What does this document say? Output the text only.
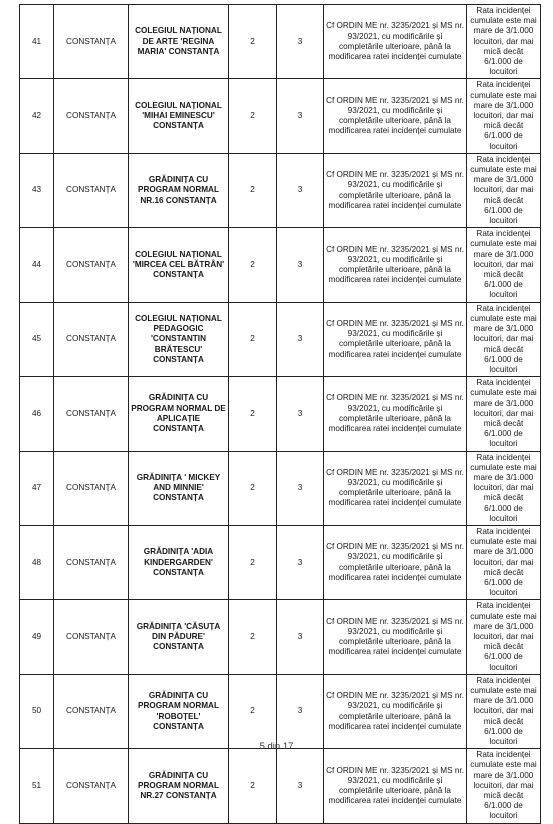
41	CONSTANȚA	COLEGIUL NAȚIONAL DE ARTE 'REGINA MARIA' CONSTANȚA	2	3	Cf ORDIN ME nr. 3235/2021 și MS nr. 93/2021, cu modificările și completările ulterioare, până la modificarea ratei incidenței cumulate	Rata incidenței cumulate este mai mare de 3/1.000 locuitori, dar mai mică decât 6/1.000 de locuitori
42	CONSTANȚA	COLEGIUL NAȚIONAL 'MIHAI EMINESCU' CONSTANȚA	2	3	Cf ORDIN ME nr. 3235/2021 și MS nr. 93/2021, cu modificările și completările ulterioare, până la modificarea ratei incidenței cumulate	Rata incidenței cumulate este mai mare de 3/1.000 locuitori, dar mai mică decât 6/1.000 de locuitori
43	CONSTANȚA	GRĂDINIȚA CU PROGRAM NORMAL NR.16 CONSTANȚA	2	3	Cf ORDIN ME nr. 3235/2021 și MS nr. 93/2021, cu modificările și completările ulterioare, până la modificarea ratei incidenței cumulate	Rata incidenței cumulate este mai mare de 3/1.000 locuitori, dar mai mică decât 6/1.000 de locuitori
44	CONSTANȚA	COLEGIUL NAȚIONAL 'MIRCEA CEL BĂTRÂN' CONSTANȚA	2	3	Cf ORDIN ME nr. 3235/2021 și MS nr. 93/2021, cu modificările și completările ulterioare, până la modificarea ratei incidenței cumulate	Rata incidenței cumulate este mai mare de 3/1.000 locuitori, dar mai mică decât 6/1.000 de locuitori
45	CONSTANȚA	COLEGIUL NAȚIONAL PEDAGOGIC 'CONSTANTIN BRĂTESCU' CONSTANȚA	2	3	Cf ORDIN ME nr. 3235/2021 și MS nr. 93/2021, cu modificările și completările ulterioare, până la modificarea ratei incidenței cumulate	Rata incidenței cumulate este mai mare de 3/1.000 locuitori, dar mai mică decât 6/1.000 de locuitori
46	CONSTANȚA	GRĂDINIȚA CU PROGRAM NORMAL DE APLICAȚIE CONSTANȚA	2	3	Cf ORDIN ME nr. 3235/2021 și MS nr. 93/2021, cu modificările și completările ulterioare, până la modificarea ratei incidenței cumulate	Rata incidenței cumulate este mai mare de 3/1.000 locuitori, dar mai mică decât 6/1.000 de locuitori
47	CONSTANȚA	GRĂDINIȚA ' MICKEY AND MINNIE' CONSTANȚA	2	3	Cf ORDIN ME nr. 3235/2021 și MS nr. 93/2021, cu modificările și completările ulterioare, până la modificarea ratei incidenței cumulate	Rata incidenței cumulate este mai mare de 3/1.000 locuitori, dar mai mică decât 6/1.000 de locuitori
48	CONSTANȚA	GRĂDINIȚA 'ADIA KINDERGARDEN' CONSTANȚA	2	3	Cf ORDIN ME nr. 3235/2021 și MS nr. 93/2021, cu modificările și completările ulterioare, până la modificarea ratei incidenței cumulate	Rata incidenței cumulate este mai mare de 3/1.000 locuitori, dar mai mică decât 6/1.000 de locuitori
49	CONSTANȚA	GRĂDINIȚA 'CĂSUȚA DIN PĂDURE' CONSTANȚA	2	3	Cf ORDIN ME nr. 3235/2021 și MS nr. 93/2021, cu modificările și completările ulterioare, până la modificarea ratei incidenței cumulate	Rata incidenței cumulate este mai mare de 3/1.000 locuitori, dar mai mică decât 6/1.000 de locuitori
50	CONSTANȚA	GRĂDINIȚA CU PROGRAM NORMAL 'ROBOȚEL' CONSTANȚA	2	3	Cf ORDIN ME nr. 3235/2021 și MS nr. 93/2021, cu modificările și completările ulterioare, până la modificarea ratei incidenței cumulate	Rata incidenței cumulate este mai mare de 3/1.000 locuitori, dar mai mică decât 6/1.000 de locuitori
51	CONSTANȚA	GRĂDINIȚA CU PROGRAM NORMAL NR.27 CONSTANȚA	2	3	Cf ORDIN ME nr. 3235/2021 și MS nr. 93/2021, cu modificările și completările ulterioare, până la modificarea ratei incidenței cumulate	Rata incidenței cumulate este mai mare de 3/1.000 locuitori, dar mai mică decât 6/1.000 de locuitori
5 din 17
